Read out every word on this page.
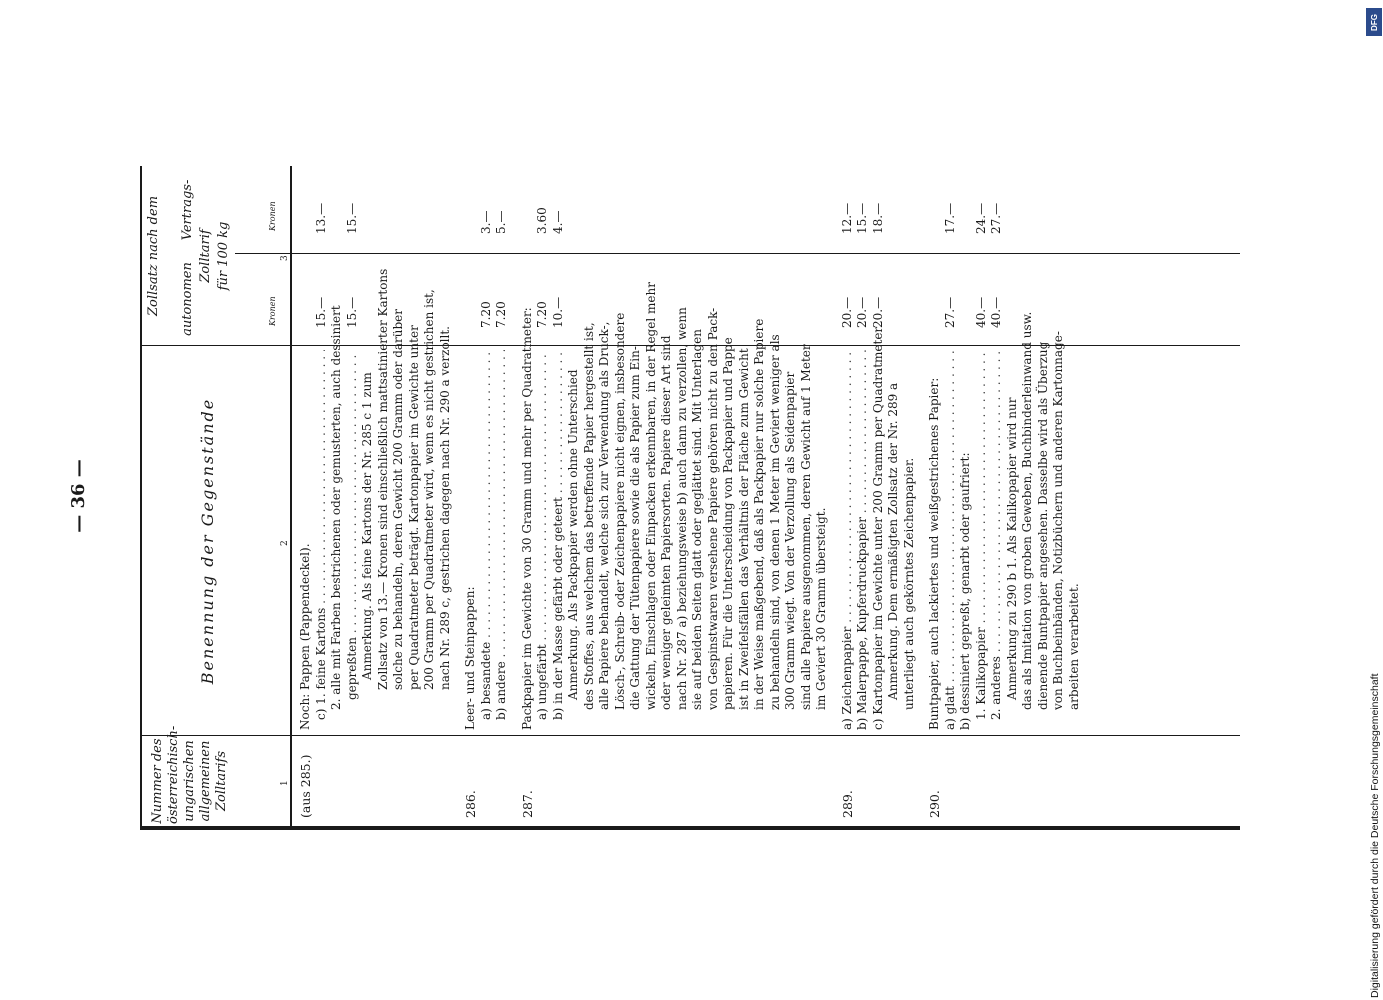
Digitalisierung gefördert durch die Deutsche Forschungsgemeinschaft
DFG
— 36 —
Nummer des österreichisch-ungarischen allgemeinen Zolltarifs
Benennung der Gegenstände
Zollsatz nach dem autonomen
Vertrags-
Zolltarif für 100 kg
Kronen
Kronen
1
2
3
(aus 285.)
Noch: Pappen (Pappendeckel). c) 1. feine Kartons . . .
15.—
13.—
2. alle mit Farben bestrichenen oder gemusterten, auch dessiniert gepreßten . . .
15.—
15.—
Anmerkung. Als feine Kartons der Nr. 285 c 1 zum Zollsatz von 13.— Kronen sind einschließlich mattsatinierter Kartons solche zu behandeln, deren Gewicht 200 Gramm oder darüber per Quadratmeter beträgt. Kartonpapier im Gewichte unter 200 Gramm per Quadratmeter wird, wenn es nicht gestrichen ist, nach Nr. 289 c, gestrichen dagegen nach Nr. 290 a verzollt.
286.
Leer- und Steinpappen: a) besandete . . .
7.20
3.—
b) andere . . .
7.20
5.—
287.
Packpapier im Gewichte von 30 Gramm und mehr per Quadratmeter: a) ungefärbt . . .
7.20
3.60
b) in der Masse gefärbt oder geteert . . .
10.—
4.—
Anmerkung. Als Packpapier werden ohne Unterschied des Stoffes, aus welchem das betreffende Papier hergestellt ist, alle Papiere behandelt, welche sich zur Verwendung als Druck-, Lösch-, Schreib- oder Zeichenpapiere nicht eignen, insbesondere die Gattung der Tütenpapiere sowie die als Papier zum Ein- wickeln, Einschlagen oder Einpacken erkennbaren, in der Regel mehr oder weniger geleimten Papiersorten. Papiere dieser Art sind nach Nr. 287 a) beziehungsweise b) auch dann zu verzollen, wenn sie auf beiden Seiten glatt oder geglättet sind. Mit Unterlagen von Gespinstwaren versehene Papiere gehören nicht zu den Pack- papieren. Für die Unterscheidung von Packpapier und Pappe ist in Zweifelsfällen das Verhältnis der Fläche zum Gewicht in der Weise maßgebend, daß als Packpapier nur solche Papiere zu behandeln sind, von denen 1 Meter im Geviert weniger als 300 Gramm wiegt. Von der Verzollung als Seidenpapier sind alle Papiere ausgenommen, deren Gewicht auf 1 Meter im Geviert 30 Gramm übersteigt.
289.
a) Zeichenpapier . . .
20.—
12.—
b) Malerpappe, Kupferdruckpapier . . .
20.—
15.—
c) Kartonpapier im Gewichte unter 200 Gramm per Quadratmeter
20.—
18.—
Anmerkung. Dem ermäßigten Zollsatz der Nr. 289 a unterliegt auch gekörntes Zeichenpapier.
290.
Buntpapier, auch lackiertes und weißgestrichenes Papier: a) glatt . . .
27.—
17.—
b) dessiniert gepreßt, genarbt oder gaufriert: 1. Kalikopapier . . .
40.—
24.—
2. anderes . . .
40.—
27.—
Anmerkung zu 290 b 1. Als Kalikopapier wird nur das als Imitation von groben Geweben, Buchbinderleinwand usw. dienende Buntpapier angesehen. Dasselbe wird als Überzug von Buchbeinbänden, Notizbüchern und anderen Kartonnage- arbeiten verarbeitet.
